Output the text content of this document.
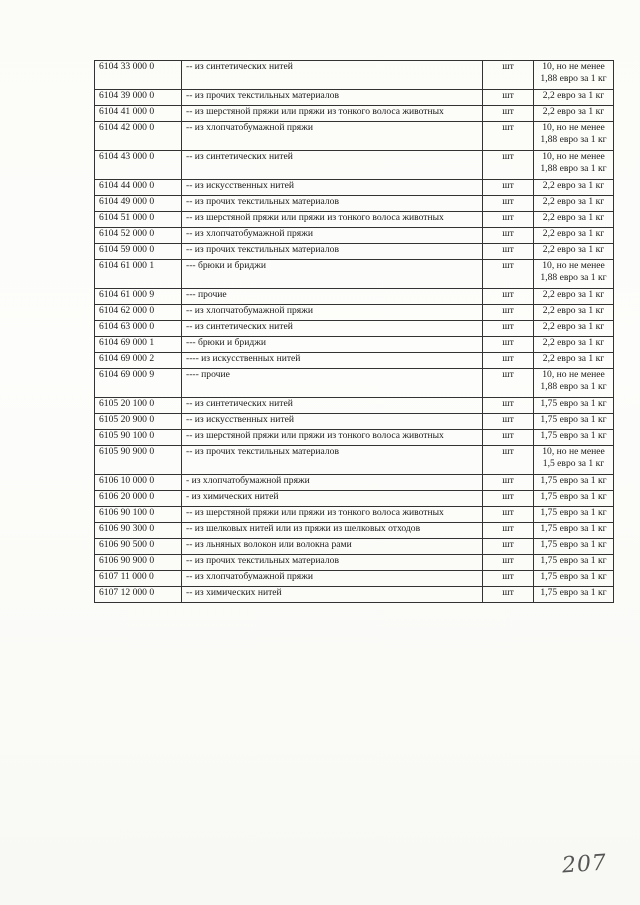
6104 33 000 0	-- из синтетических нитей	шт	10, но не менее
1,88 евро за 1 кг

6104 39 000 0	-- из прочих текстильных материалов	шт	2,2 евро за 1 кг

6104 41 000 0	-- из шерстяной пряжи или пряжи из тонкого волоса животных	шт	2,2 евро за 1 кг

6104 42 000 0	-- из хлопчатобумажной пряжи	шт	10, но не менее
1,88 евро за 1 кг

6104 43 000 0	-- из синтетических нитей	шт	10, но не менее
1,88 евро за 1 кг

6104 44 000 0	-- из искусственных нитей	шт	2,2 евро за 1 кг

6104 49 000 0	-- из прочих текстильных материалов	шт	2,2 евро за 1 кг

6104 51 000 0	-- из шерстяной пряжи или пряжи из тонкого волоса животных	шт	2,2 евро за 1 кг

6104 52 000 0	-- из хлопчатобумажной пряжи	шт	2,2 евро за 1 кг

6104 59 000 0	-- из прочих текстильных материалов	шт	2,2 евро за 1 кг

6104 61 000 1	--- брюки и бриджи	шт	10, но не менее
1,88 евро за 1 кг

6104 61 000 9	--- прочие	шт	2,2 евро за 1 кг

6104 62 000 0	-- из хлопчатобумажной пряжи	шт	2,2 евро за 1 кг

6104 63 000 0	-- из синтетических нитей	шт	2,2 евро за 1 кг

6104 69 000 1	--- брюки и бриджи	шт	2,2 евро за 1 кг

6104 69 000 2	---- из искусственных нитей	шт	2,2 евро за 1 кг

6104 69 000 9	---- прочие	шт	10, но не менее
1,88 евро за 1 кг

6105 20 100 0	-- из синтетических нитей	шт	1,75 евро за 1 кг

6105 20 900 0	-- из искусственных нитей	шт	1,75 евро за 1 кг

6105 90 100 0	-- из шерстяной пряжи или пряжи из тонкого волоса животных	шт	1,75 евро за 1 кг

6105 90 900 0	-- из прочих текстильных материалов	шт	10, но не менее
1,5 евро за 1 кг

6106 10 000 0	- из хлопчатобумажной пряжи	шт	1,75 евро за 1 кг

6106 20 000 0	- из химических нитей	шт	1,75 евро за 1 кг

6106 90 100 0	-- из шерстяной пряжи или пряжи из тонкого волоса животных	шт	1,75 евро за 1 кг

6106 90 300 0	-- из шелковых нитей или из пряжи из шелковых отходов	шт	1,75 евро за 1 кг

6106 90 500 0	-- из льняных волокон или волокна рами	шт	1,75 евро за 1 кг

6106 90 900 0	-- из прочих текстильных материалов	шт	1,75 евро за 1 кг

6107 11 000 0	-- из хлопчатобумажной пряжи	шт	1,75 евро за 1 кг

6107 12 000 0	-- из химических нитей	шт	1,75 евро за 1 кг
207
